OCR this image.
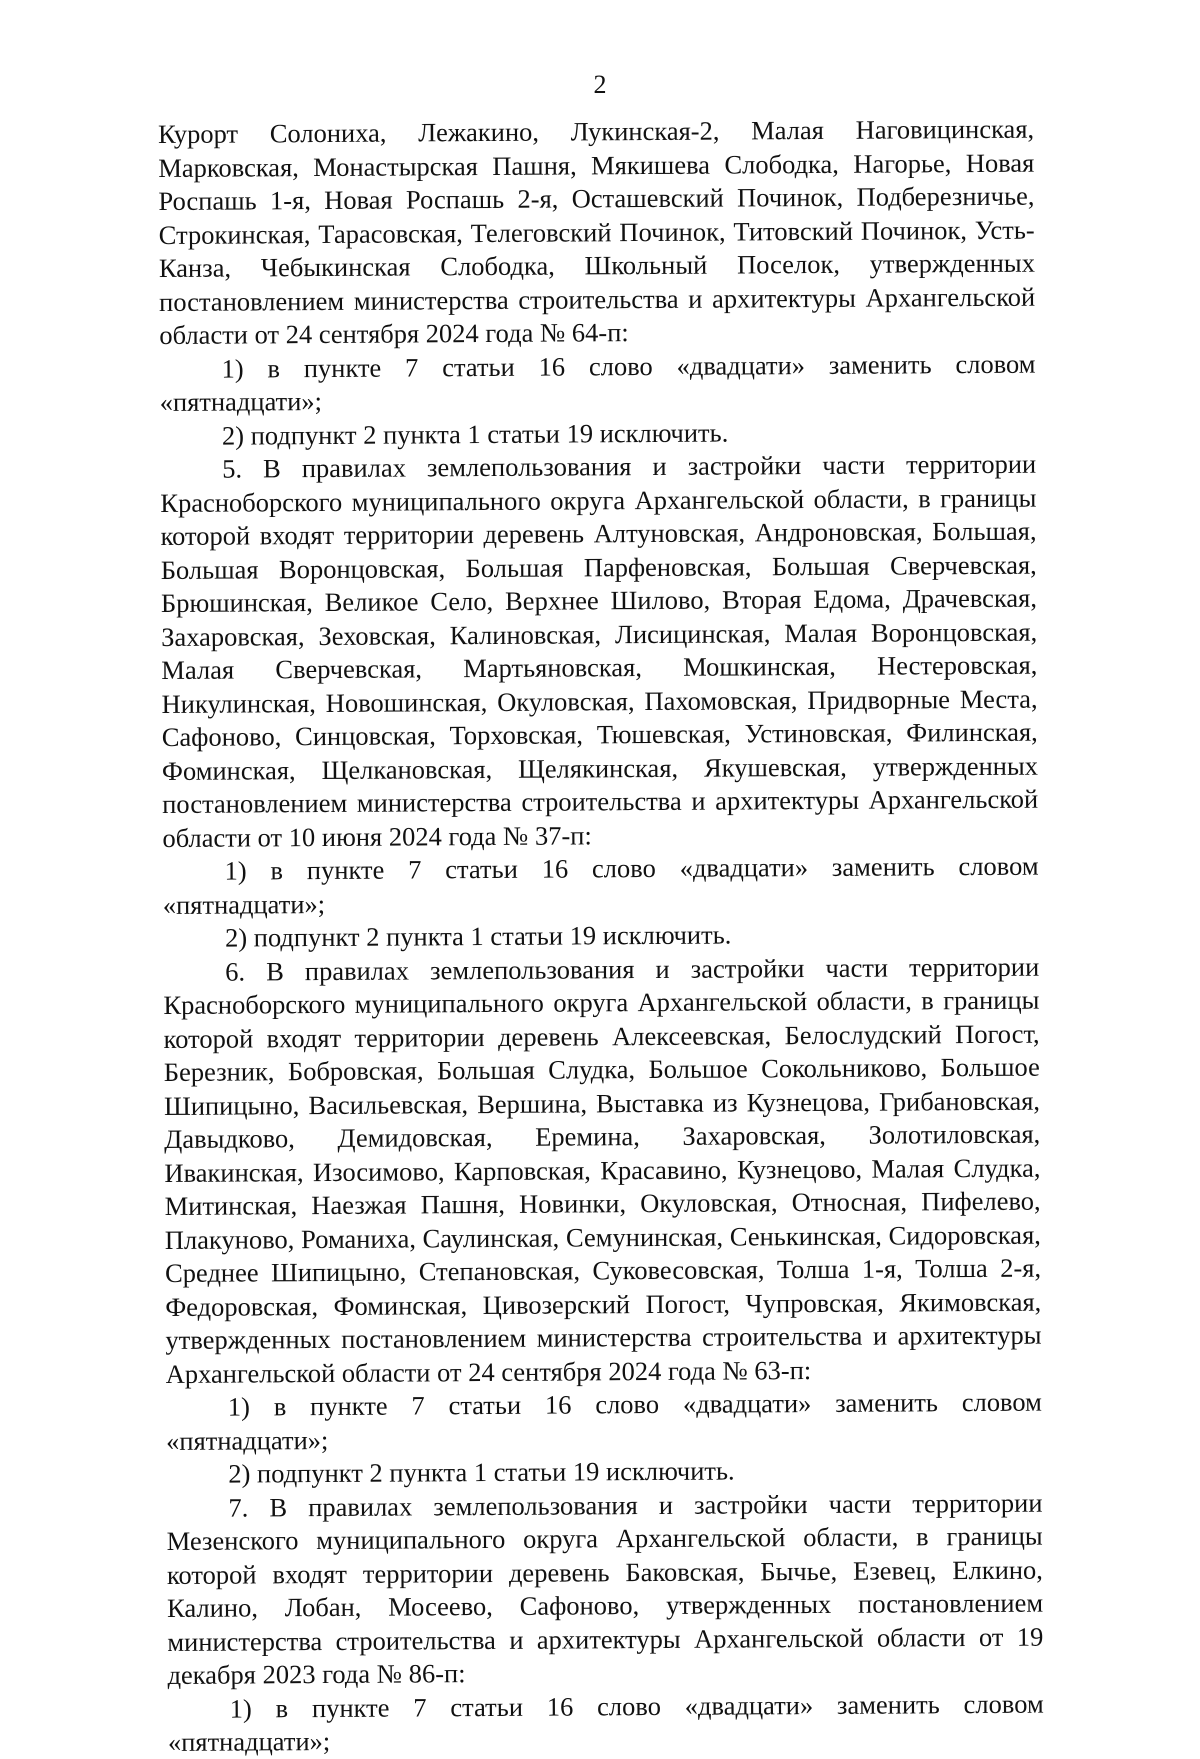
2

Курорт Солониха, Лежакино, Лукинская-2, Малая Наговицинская, Марковская, Монастырская Пашня, Мякишева Слободка, Нагорье, Новая Роспашь 1-я, Новая Роспашь 2-я, Осташевский Починок, Подберезничье, Строкинская, Тарасовская, Телеговский Починок, Титовский Починок, Усть-Канза, Чебыкинская Слободка, Школьный Поселок, утвержденных постановлением министерства строительства и архитектуры Архангельской области от 24 сентября 2024 года № 64-п:

1) в пункте 7 статьи 16 слово «двадцати» заменить словом «пятнадцати»;

2) подпункт 2 пункта 1 статьи 19 исключить.

5. В правилах землепользования и застройки части территории Красноборского муниципального округа Архангельской области, в границы которой входят территории деревень Алтуновская, Андроновская, Большая, Большая Воронцовская, Большая Парфеновская, Большая Сверчевская, Брюшинская, Великое Село, Верхнее Шилово, Вторая Едома, Драчевская, Захаровская, Зеховская, Калиновская, Лисицинская, Малая Воронцовская, Малая Сверчевская, Мартьяновская, Мошкинская, Нестеровская, Никулинская, Новошинская, Окуловская, Пахомовская, Придворные Места, Сафоново, Синцовская, Торховская, Тюшевская, Устиновская, Филинская, Фоминская, Щелкановская, Щелякинская, Якушевская, утвержденных постановлением министерства строительства и архитектуры Архангельской области от 10 июня 2024 года № 37-п:

1) в пункте 7 статьи 16 слово «двадцати» заменить словом «пятнадцати»;

2) подпункт 2 пункта 1 статьи 19 исключить.

6. В правилах землепользования и застройки части территории Красноборского муниципального округа Архангельской области, в границы которой входят территории деревень Алексеевская, Белослудский Погост, Березник, Бобровская, Большая Слудка, Большое Сокольниково, Большое Шипицыно, Васильевская, Вершина, Выставка из Кузнецова, Грибановская, Давыдково, Демидовская, Еремина, Захаровская, Золотиловская, Ивакинская, Изосимово, Карповская, Красавино, Кузнецово, Малая Слудка, Митинская, Наезжая Пашня, Новинки, Окуловская, Относная, Пифелево, Плакуново, Романиха, Саулинская, Семунинская, Сенькинская, Сидоровская, Среднее Шипицыно, Степановская, Суковесовская, Толша 1-я, Толша 2-я, Федоровская, Фоминская, Цивозерский Погост, Чупровская, Якимовская, утвержденных постановлением министерства строительства и архитектуры Архангельской области от 24 сентября 2024 года № 63-п:

1) в пункте 7 статьи 16 слово «двадцати» заменить словом «пятнадцати»;

2) подпункт 2 пункта 1 статьи 19 исключить.

7. В правилах землепользования и застройки части территории Мезенского муниципального округа Архангельской области, в границы которой входят территории деревень Баковская, Бычье, Езевец, Елкино, Калино, Лобан, Мосеево, Сафоново, утвержденных постановлением министерства строительства и архитектуры Архангельской области от 19 декабря 2023 года № 86-п:

1) в пункте 7 статьи 16 слово «двадцати» заменить словом «пятнадцати»;
